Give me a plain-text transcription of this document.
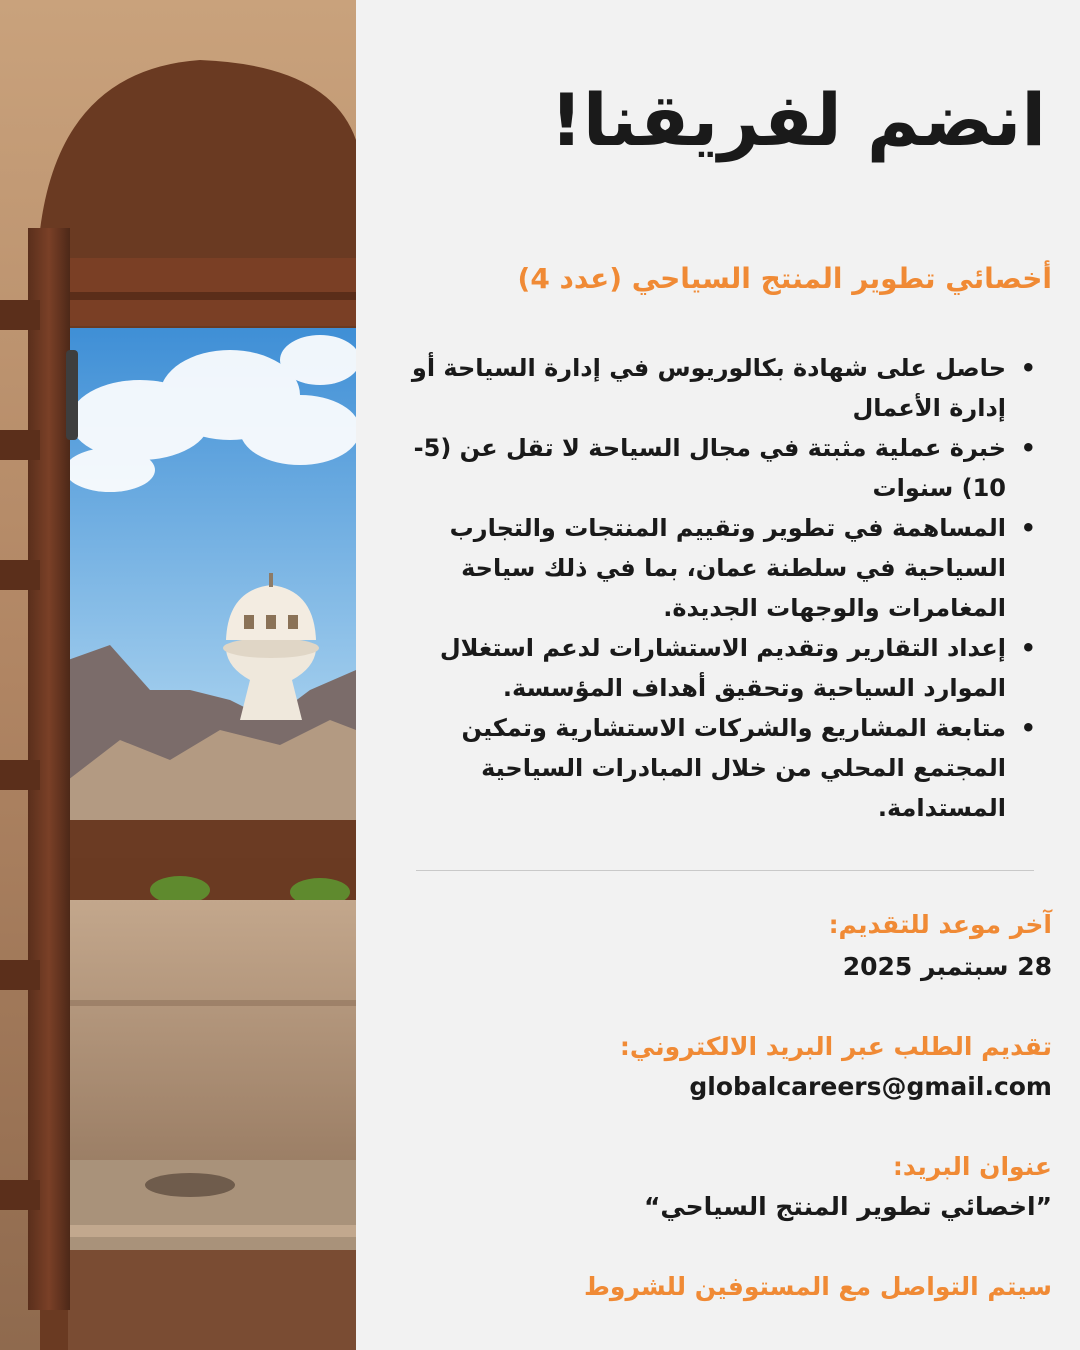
انضم لفريقنا!
أخصائي تطوير المنتج السياحي (عدد 4)
• حاصل على شهادة بكالوريوس في إدارة السياحة أو إدارة الأعمال
• خبرة عملية مثبتة في مجال السياحة لا تقل عن (5-10) سنوات
• المساهمة في تطوير وتقييم المنتجات والتجارب السياحية في سلطنة عمان، بما في ذلك سياحة المغامرات والوجهات الجديدة.
• إعداد التقارير وتقديم الاستشارات لدعم استغلال الموارد السياحية وتحقيق أهداف المؤسسة.
• متابعة المشاريع والشركات الاستشارية وتمكين المجتمع المحلي من خلال المبادرات السياحية المستدامة.

آخر موعد للتقديم:

28 سبتمبر 2025

تقديم الطلب عبر البريد الالكتروني:

globalcareers@gmail.com

عنوان البريد:

”اخصائي تطوير المنتج السياحي“

سيتم التواصل مع المستوفين للشروط
